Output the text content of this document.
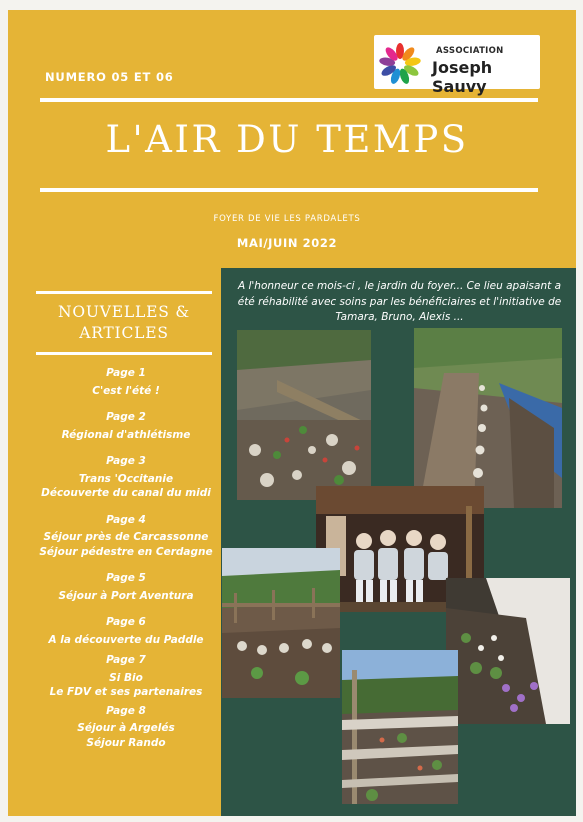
ASSOCIATION
Joseph Sauvy
NUMERO 05 ET 06
L'AIR DU TEMPS
FOYER DE VIE LES PARDALETS
MAI/JUIN 2022
NOUVELLES &
ARTICLES
Page 1
C'est l'été !
Page 2
Régional d'athlétisme
Page 3
Trans 'Occitanie
Découverte du canal du midi
Page 4
Séjour près de Carcassonne
Séjour pédestre en Cerdagne
Page 5
Séjour à Port Aventura
Page 6
A la découverte du Paddle
Page 7
Si Bio
Le FDV et ses partenaires
Page 8
Séjour à Argelés
Séjour Rando
A l'honneur ce mois-ci , le jardin du foyer... Ce lieu apaisant a été réhabilité avec soins par les bénéficiaires et l'initiative de Tamara, Bruno, Alexis ...
